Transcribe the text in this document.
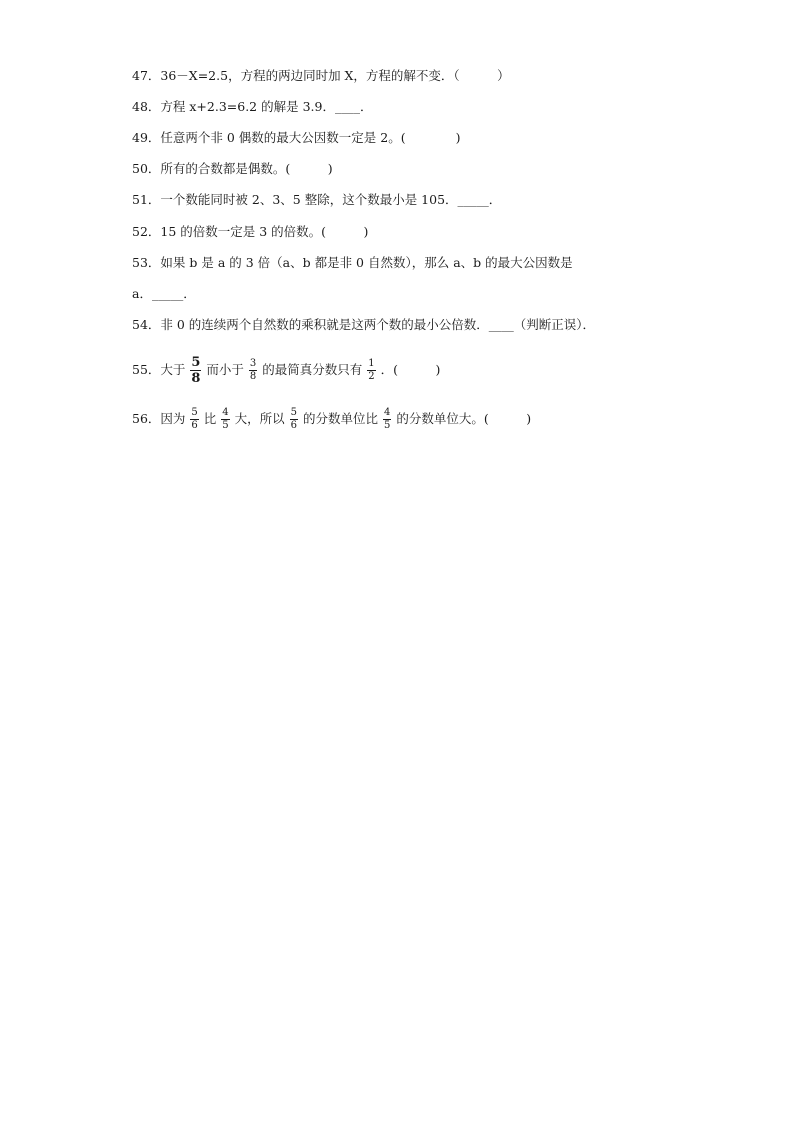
47．36－X=2.5，方程的两边同时加 X，方程的解不变．（　　　）
48．方程 x+2.3=6.2 的解是 3.9．____．
49．任意两个非 0 偶数的最大公因数一定是 2。(　　　　)
50．所有的合数都是偶数。(　　　)
51．一个数能同时被 2、3、5 整除，这个数最小是 105．_____．
52．15 的倍数一定是 3 的倍数。(　　　)
53．如果 b 是 a 的 3 倍（a、b 都是非 0 自然数），那么 a、b 的最大公因数是
a．_____．
54．非 0 的连续两个自然数的乘积就是这两个数的最小公倍数．____（判断正误）．
55．大于 $\frac{5}{8}$ 而小于 $\frac{3}{8}$ 的最简真分数只有 $\frac{1}{2}$ ．(　　　)
56．因为 $\frac{5}{6}$ 比 $\frac{4}{5}$ 大，所以 $\frac{5}{6}$ 的分数单位比 $\frac{4}{5}$ 的分数单位大。(　　　)
